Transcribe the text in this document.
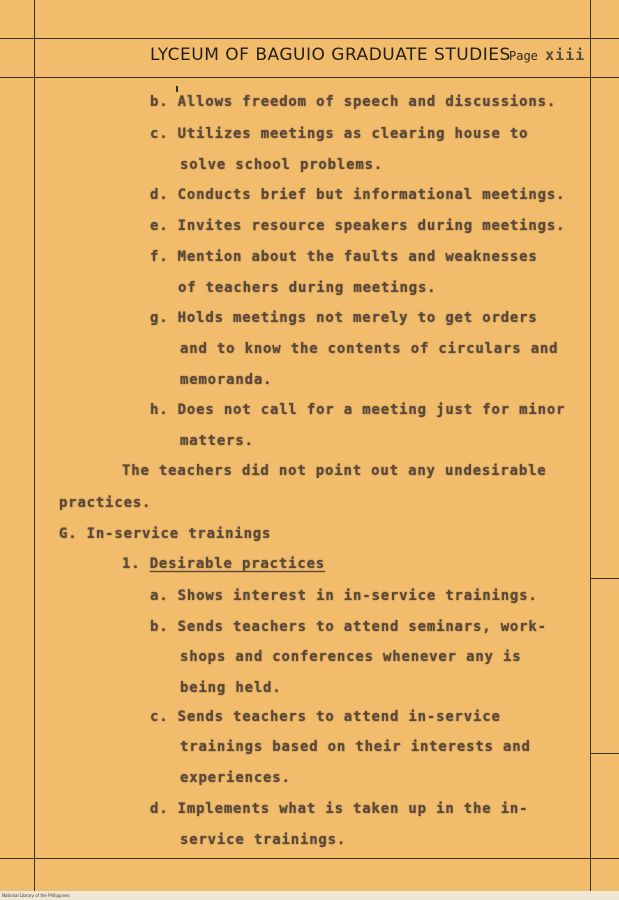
LYCEUM OF BAGUIO GRADUATE STUDIES
Page xiii
b. Allows freedom of speech and discussions.
c. Utilizes meetings as clearing house to
solve school problems.
d. Conducts brief but informational meetings.
e. Invites resource speakers during meetings.
f. Mention about the faults and weaknesses
of teachers during meetings.
g. Holds meetings not merely to get orders
and to know the contents of circulars and
memoranda.
h. Does not call for a meeting just for minor
matters.
The teachers did not point out any undesirable
practices.
G. In-service trainings
1. Desirable practices
a. Shows interest in in-service trainings.
b. Sends teachers to attend seminars, work-
shops and conferences whenever any is
being held.
c. Sends teachers to attend in-service
trainings based on their interests and
experiences.
d. Implements what is taken up in the in-
service trainings.
National Library of the Philippines
